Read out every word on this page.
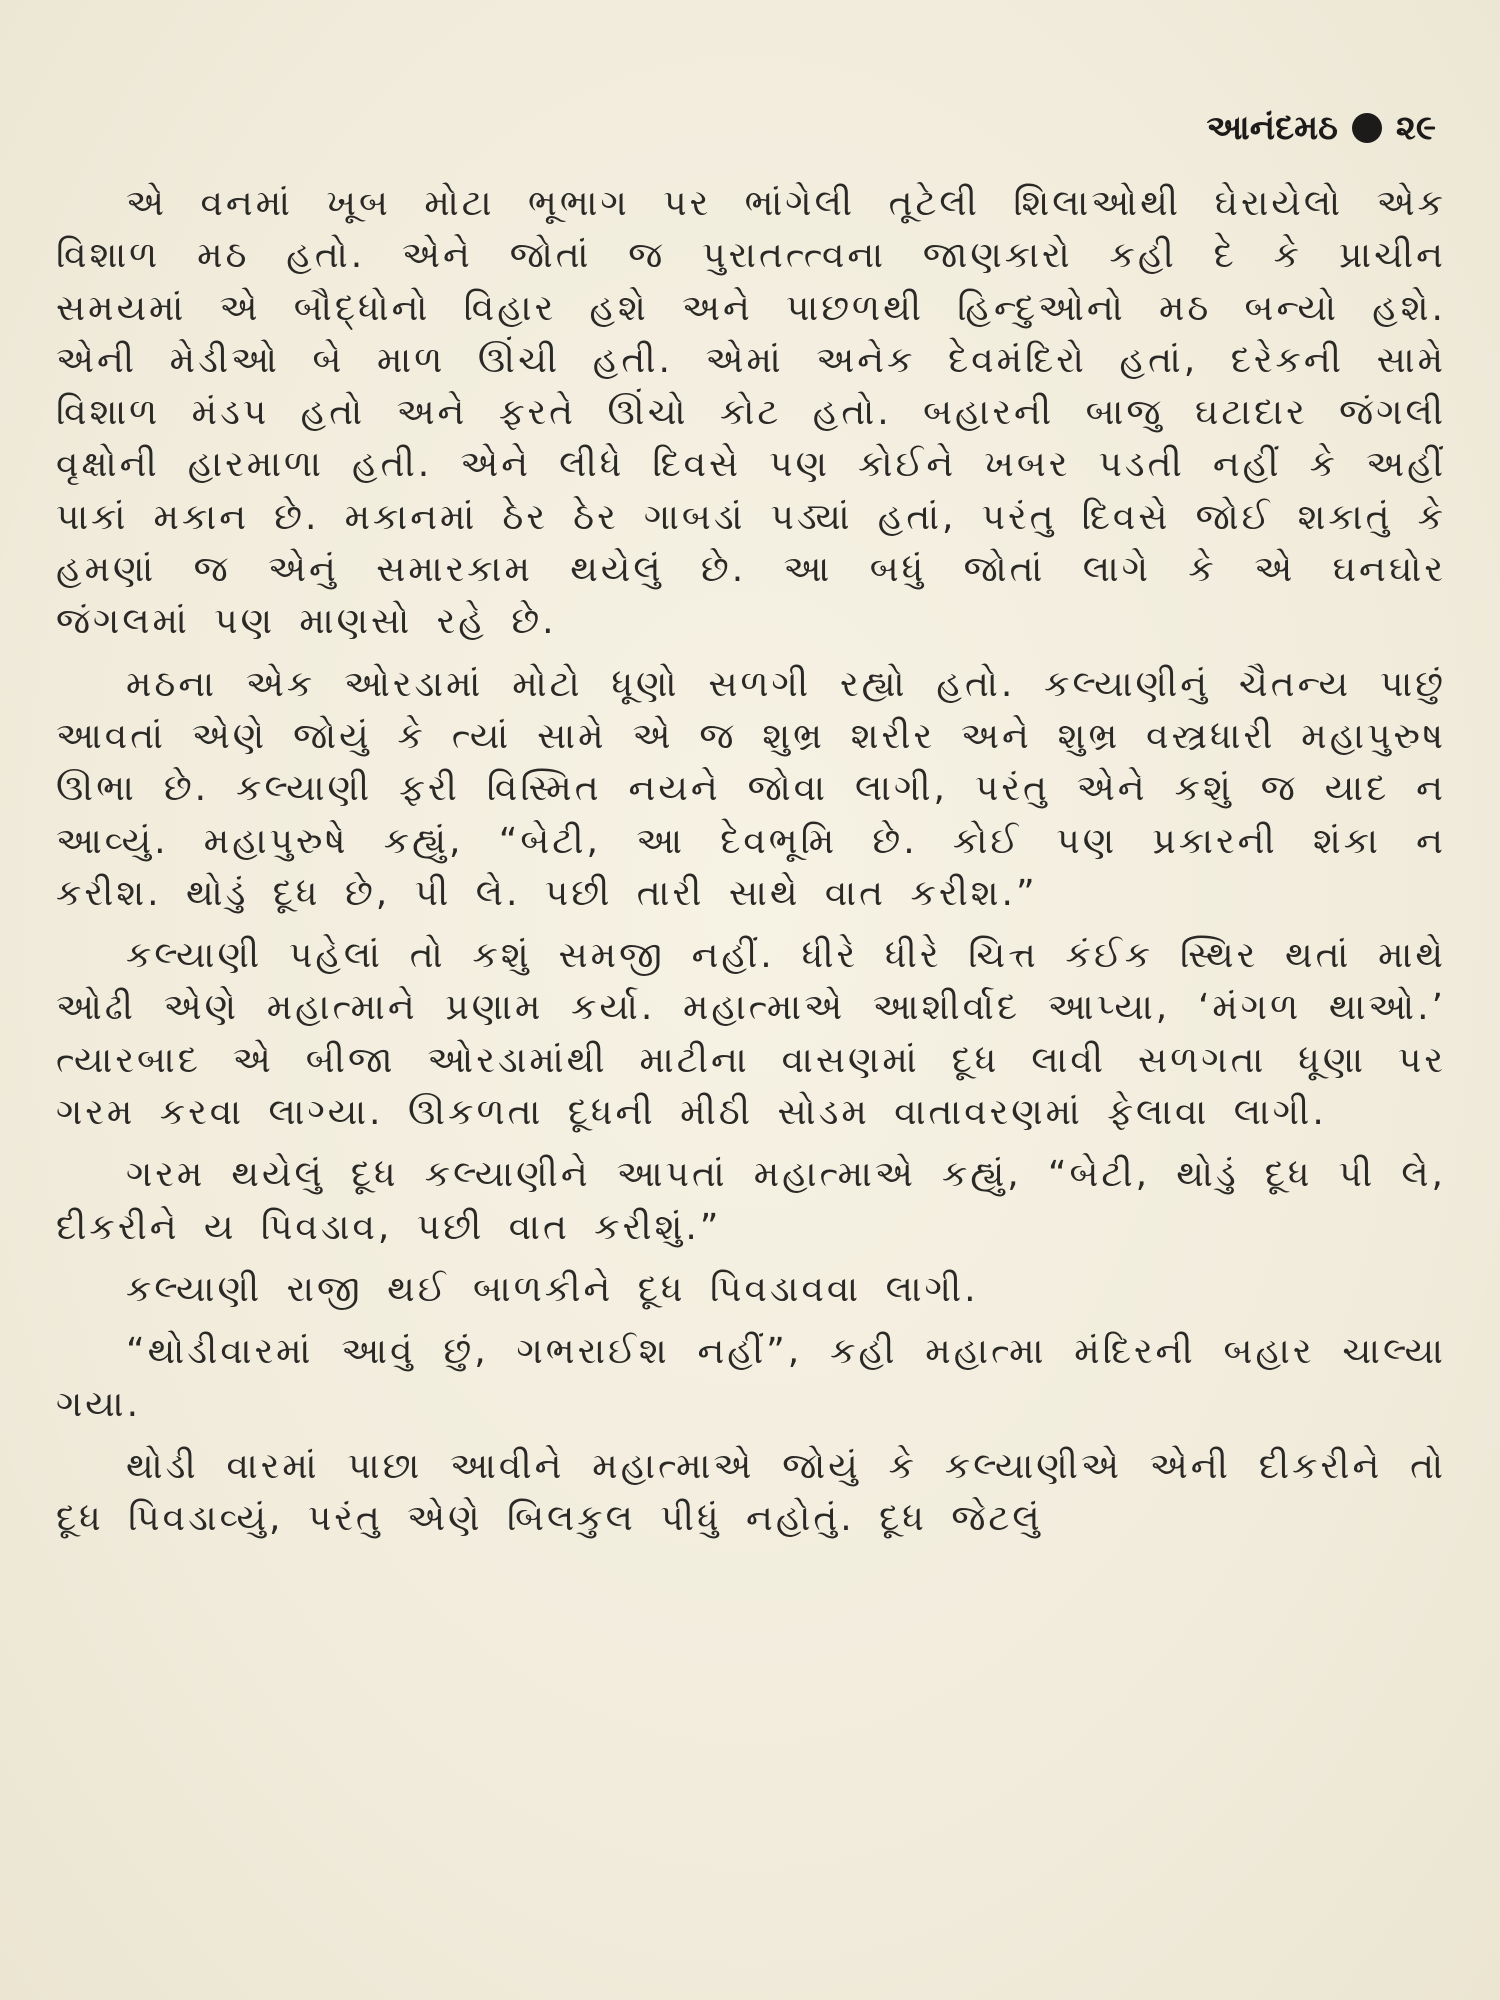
આનંદમઠ ૨૯

એ વનમાં ખૂબ મોટા ભૂભાગ પર ભાંગેલી તૂટેલી શિલાઓથી ઘેરાયેલો એક વિશાળ મઠ હતો. એને જોતાં જ પુરાતત્ત્વના જાણકારો કહી દે કે પ્રાચીન સમયમાં એ બૌદ્ધોનો વિહાર હશે અને પાછળથી હિન્દુઓનો મઠ બન્યો હશે. એની મેડીઓ બે માળ ઊંચી હતી. એમાં અનેક દેવમંદિરો હતાં, દરેકની સામે વિશાળ મંડપ હતો અને ફરતે ઊંચો કોટ હતો. બહારની બાજુ ઘટાદાર જંગલી વૃક્ષોની હારમાળા હતી. એને લીધે દિવસે પણ કોઈને ખબર પડતી નહીં કે અહીં પાકાં મકાન છે. મકાનમાં ઠેર ઠેર ગાબડાં પડ્યાં હતાં, પરંતુ દિવસે જોઈ શકાતું કે હમણાં જ એનું સમારકામ થયેલું છે. આ બધું જોતાં લાગે કે એ ઘનઘોર જંગલમાં પણ માણસો રહે છે.

મઠના એક ઓરડામાં મોટો ધૂણો સળગી રહ્યો હતો. કલ્યાણીનું ચૈતન્ય પાછું આવતાં એણે જોયું કે ત્યાં સામે એ જ શુભ્ર શરીર અને શુભ્ર વસ્ત્રધારી મહાપુરુષ ઊભા છે. કલ્યાણી ફરી વિસ્મિત નયને જોવા લાગી, પરંતુ એને કશું જ યાદ ન આવ્યું. મહાપુરુષે કહ્યું, “બેટી, આ દેવભૂમિ છે. કોઈ પણ પ્રકારની શંકા ન કરીશ. થોડું દૂધ છે, પી લે. પછી તારી સાથે વાત કરીશ.”

કલ્યાણી પહેલાં તો કશું સમજી નહીં. ધીરે ધીરે ચિત્ત કંઈક સ્થિર થતાં માથે ઓઢી એણે મહાત્માને પ્રણામ કર્યા. મહાત્માએ આશીર્વાદ આપ્યા, ‘મંગળ થાઓ.’ ત્યારબાદ એ બીજા ઓરડામાંથી માટીના વાસણમાં દૂધ લાવી સળગતા ધૂણા પર ગરમ કરવા લાગ્યા. ઊકળતા દૂધની મીઠી સોડમ વાતાવરણમાં ફેલાવા લાગી.

ગરમ થયેલું દૂધ કલ્યાણીને આપતાં મહાત્માએ કહ્યું, “બેટી, થોડું દૂધ પી લે, દીકરીને ય પિવડાવ, પછી વાત કરીશું.”

કલ્યાણી રાજી થઈ બાળકીને દૂધ પિવડાવવા લાગી.

“થોડીવારમાં આવું છું, ગભરાઈશ નહીં”, કહી મહાત્મા મંદિરની બહાર ચાલ્યા ગયા.

થોડી વારમાં પાછા આવીને મહાત્માએ જોયું કે કલ્યાણીએ એની દીકરીને તો દૂધ પિવડાવ્યું, પરંતુ એણે બિલકુલ પીધું નહોતું. દૂધ જેટલું
